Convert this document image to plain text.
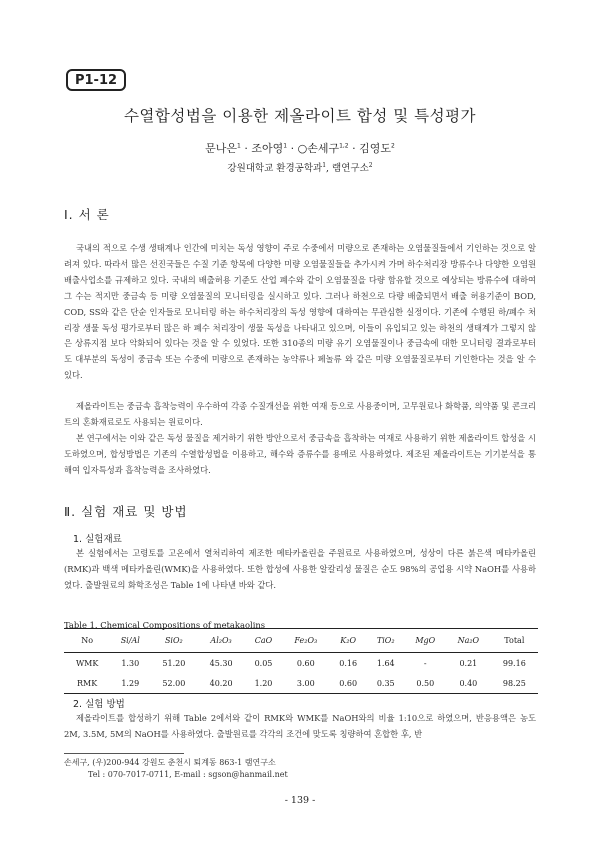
P1-12
수열합성법을 이용한 제올라이트 합성 및 특성평가
문나은$^1$ · 조아영$^1$ · ○손세구$^{1,2}$ · 김영도$^2$
강원대학교 환경공학과$^1$, 램연구소$^2$
Ⅰ. 서 론
국내의 적으로 수생 생태계나 인간에 미치는 독성 영향이 주로 수중에서 미량으로 존재하는 오염물질들에서 기인하는 것으로 알려져 있다. 따라서 많은 선진국들은 수질 기준 항목에 다양한 미량 오염물질들을 추가시켜 가며 하수처리장 방류수나 다양한 오염원 배출사업소를 규제하고 있다. 국내의 배출허용 기준도 산업 폐수와 같이 오염물질을 다량 함유할 것으로 예상되는 방류수에 대하여 그 수는 적지만 중금속 등 미량 오염물질의 모니터링을 실시하고 있다. 그러나 하천으로 다량 배출되면서 배출 허용기준이 BOD, COD, SS와 같은 단순 인자들로 모니터링 하는 하수처리장의 독성 영향에 대하여는 무관심한 실정이다. 기존에 수행된 하/폐수 처리장 생물 독성 평가로부터 많은 하 폐수 처리장이 생물 독성을 나타내고 있으며, 이들이 유입되고 있는 하천의 생태계가 그렇지 않은 상류지점 보다 악화되어 있다는 것을 알 수 있었다. 또한 310종의 미량 유기 오염물질이나 중금속에 대한 모니터링 결과로부터도 대부분의 독성이 중금속 또는 수중에 미량으로 존재하는 농약류나 페놀류 와 같은 미량 오염물질로부터 기인한다는 것을 알 수 있다.
제올라이트는 중금속 흡착능력이 우수하여 각종 수질개선을 위한 여재 등으로 사용중이며, 고무원료나 화학품, 의약품 및 콘크리트의 혼화재료로도 사용되는 원료이다.
본 연구에서는 이와 같은 독성 물질을 제거하기 위한 방안으로서 중금속을 흡착하는 여재로 사용하기 위한 제올라이트 합성을 시도하였으며, 합성방법은 기존의 수열합성법을 이용하고, 해수와 증류수를 용매로 사용하였다. 제조된 제올라이트는 기기분석을 통해여 입자특성과 흡착능력을 조사하였다.
Ⅱ. 실험 재료 및 방법
1. 실험재료
본 실험에서는 고령토를 고온에서 열처리하여 제조한 메타카올린을 주원료로 사용하였으며, 성상이 다른 붉은색 메타카올린(RMK)과 백색 메타카올린(WMK)을 사용하였다. 또한 합성에 사용한 알칼리성 물질은 순도 98%의 공업용 시약 NaOH를 사용하였다. 출발원료의 화학조성은 Table 1에 나타낸 바와 같다.
Table 1. Chemical Compositions of metakaolins
No	Si/Al	SiO₂	Al₂O₃	CaO	Fe₂O₃	K₂O	TiO₂	MgO	Na₂O	Total
WMK	1.30	51.20	45.30	0.05	0.60	0.16	1.64	-	0.21	99.16
RMK	1.29	52.00	40.20	1.20	3.00	0.60	0.35	0.50	0.40	98.25
2. 실험 방법
제올라이트를 합성하기 위해 Table 2에서와 같이 RMK와 WMK를 NaOH와의 비율 1:10으로 하였으며, 반응용액은 농도 2M, 3.5M, 5M의 NaOH를 사용하였다. 출발원료를 각각의 조건에 맞도록 칭량하여 혼합한 후, 반
손세구, (우)200-944 강원도 춘천시 퇴계동 863-1 램연구소
Tel : 070-7017-0711, E-mail : sgson@hanmail.net
- 139 -
